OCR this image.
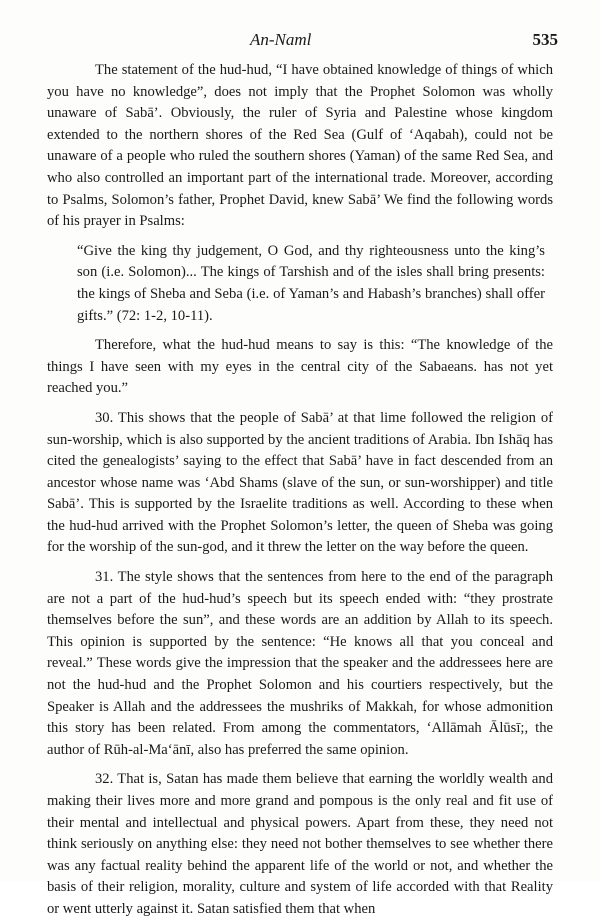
An-Naml	535

The statement of the hud-hud, “I have obtained knowledge of things of which you have no knowledge”, does not imply that the Prophet Solomon was wholly unaware of Sabā’. Obviously, the ruler of Syria and Palestine whose kingdom extended to the northern shores of the Red Sea (Gulf of ‘Aqabah), could not be unaware of a people who ruled the southern shores (Yaman) of the same Red Sea, and who also controlled an important part of the international trade. Moreover, according to Psalms, Solomon’s father, Prophet David, knew Sabā’ We find the following words of his prayer in Psalms:

“Give the king thy judgement, O God, and thy righteousness unto the king’s son (i.e. Solomon)... The kings of Tarshish and of the isles shall bring presents: the kings of Sheba and Seba (i.e. of Yaman’s and Habash’s branches) shall offer gifts.” (72: 1-2, 10-11).

Therefore, what the hud-hud means to say is this: “The knowledge of the things I have seen with my eyes in the central city of the Sabaeans. has not yet reached you.”

30. This shows that the people of Sabā’ at that lime followed the religion of sun-worship, which is also supported by the ancient traditions of Arabia. Ibn Ishāq has cited the genealogists’ saying to the effect that Sabā’ have in fact descended from an ancestor whose name was ‘Abd Shams (slave of the sun, or sun-worshipper) and title Sabā’. This is supported by the Israelite traditions as well. According to these when the hud-hud arrived with the Prophet Solomon’s letter, the queen of Sheba was going for the worship of the sun-god, and it threw the letter on the way before the queen.

31. The style shows that the sentences from here to the end of the paragraph are not a part of the hud-hud’s speech but its speech ended with: “they prostrate themselves before the sun”, and these words are an addition by Allah to its speech. This opinion is supported by the sentence: “He knows all that you conceal and reveal.” These words give the impression that the speaker and the addressees here are not the hud-hud and the Prophet Solomon and his courtiers respectively, but the Speaker is Allah and the addressees the mushriks of Makkah, for whose admonition this story has been related. From among the commentators, ‘Allāmah Ālūsī;, the author of Rūh-al-Ma‘ānī, also has preferred the same opinion.

32. That is, Satan has made them believe that earning the worldly wealth and making their lives more and more grand and pompous is the only real and fit use of their mental and intellectual and physical powers. Apart from these, they need not think seriously on anything else: they need not bother themselves to see whether there was any factual reality behind the apparent life of the world or not, and whether the basis of their religion, morality, culture and system of life accorded with that Reality or went utterly against it. Satan satisfied them that when
